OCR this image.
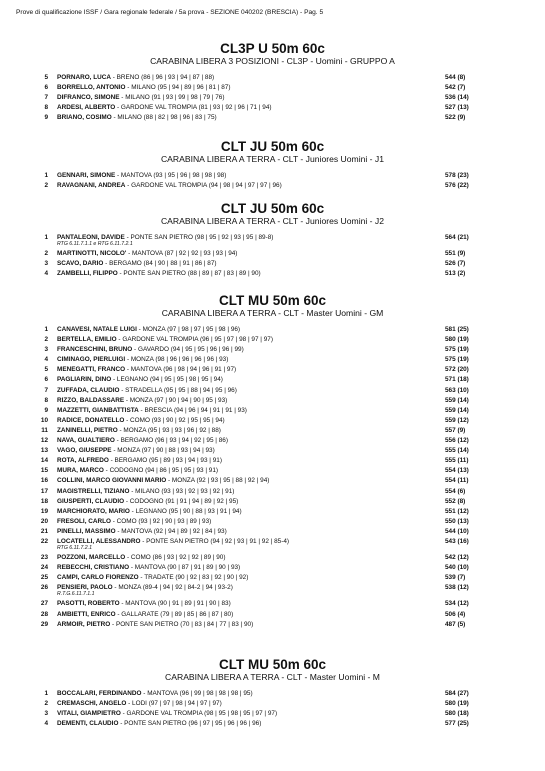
Prove di qualificazione ISSF / Gara regionale federale / 5a prova - SEZIONE 040202 (BRESCIA) - Pag. 5
CL3P U 50m 60c
CARABINA LIBERA 3 POSIZIONI - CL3P - Uomini - GRUPPO A
5 PORNARO, LUCA - BRENO (86 | 96 | 93 | 94 | 87 | 88)	544 (8)
6 BORRELLO, ANTONIO - MILANO (95 | 94 | 89 | 96 | 81 | 87)	542 (7)
7 DIFRANCO, SIMONE - MILANO (91 | 93 | 99 | 98 | 79 | 76)	536 (14)
8 ARDESI, ALBERTO - GARDONE VAL TROMPIA (81 | 93 | 92 | 96 | 71 | 94)	527 (13)
9 BRIANO, COSIMO - MILANO (88 | 82 | 98 | 96 | 83 | 75)	522 (9)
CLT JU 50m 60c
CARABINA LIBERA A TERRA - CLT - Juniores Uomini - J1
1 GENNARI, SIMONE - MANTOVA (93 | 95 | 96 | 98 | 98 | 98)	578 (23)
2 RAVAGNANI, ANDREA - GARDONE VAL TROMPIA (94 | 98 | 94 | 97 | 97 | 96)	576 (22)
CLT JU 50m 60c
CARABINA LIBERA A TERRA - CLT - Juniores Uomini - J2
1 PANTALEONI, DAVIDE - PONTE SAN PIETRO (98 | 95 | 92 | 93 | 95 | 89-8)	564 (21)
RTG 6.11.7.1.1 e RTG 6.11.7.2.1
2 MARTINOTTI, NICOLO' - MANTOVA (87 | 92 | 92 | 93 | 93 | 94)	551 (9)
3 SCAVO, DARIO - BERGAMO (84 | 90 | 88 | 91 | 86 | 87)	526 (7)
4 ZAMBELLI, FILIPPO - PONTE SAN PIETRO (88 | 89 | 87 | 83 | 89 | 90)	513 (2)
CLT MU 50m 60c
CARABINA LIBERA A TERRA - CLT - Master Uomini - GM
1 CANAVESI, NATALE LUIGI - MONZA (97 | 98 | 97 | 95 | 98 | 96)	581 (25)
2 BERTELLA, EMILIO - GARDONE VAL TROMPIA (96 | 95 | 97 | 98 | 97 | 97)	580 (19)
3 FRANCESCHINI, BRUNO - GAVARDO (94 | 95 | 95 | 96 | 96 | 99)	575 (19)
4 CIMINAGO, PIERLUIGI - MONZA (98 | 96 | 96 | 96 | 96 | 93)	575 (19)
5 MENEGATTI, FRANCO - MANTOVA (96 | 98 | 94 | 96 | 91 | 97)	572 (20)
6 PAGLIARIN, DINO - LEGNANO (94 | 95 | 95 | 98 | 95 | 94)	571 (18)
7 ZUFFADA, CLAUDIO - STRADELLA (95 | 95 | 88 | 94 | 95 | 96)	563 (10)
8 RIZZO, BALDASSARE - MONZA (97 | 90 | 94 | 90 | 95 | 93)	559 (14)
9 MAZZETTI, GIANBATTISTA - BRESCIA (94 | 96 | 94 | 91 | 91 | 93)	559 (14)
10 RADICE, DONATELLO - COMO (93 | 90 | 92 | 95 | 95 | 94)	559 (12)
11 ZANINELLI, PIETRO - MONZA (95 | 93 | 93 | 96 | 92 | 88)	557 (9)
12 NAVA, GUALTIERO - BERGAMO (96 | 93 | 94 | 92 | 95 | 86)	556 (12)
13 VAGO, GIUSEPPE - MONZA (97 | 90 | 88 | 93 | 94 | 93)	555 (14)
14 ROTA, ALFREDO - BERGAMO (95 | 89 | 93 | 94 | 93 | 91)	555 (11)
15 MURA, MARCO - CODOGNO (94 | 86 | 95 | 95 | 93 | 91)	554 (13)
16 COLLINI, MARCO GIOVANNI MARIO - MONZA (92 | 93 | 95 | 88 | 92 | 94)	554 (11)
17 MAGISTRELLI, TIZIANO - MILANO (93 | 93 | 92 | 93 | 92 | 91)	554 (6)
18 GIUSPERTI, CLAUDIO - CODOGNO (91 | 91 | 94 | 89 | 92 | 95)	552 (8)
19 MARCHIORATO, MARIO - LEGNANO (95 | 90 | 88 | 93 | 91 | 94)	551 (12)
20 FRESOLI, CARLO - COMO (93 | 92 | 90 | 93 | 89 | 93)	550 (13)
21 PINELLI, MASSIMO - MANTOVA (92 | 94 | 89 | 92 | 84 | 93)	544 (10)
22 LOCATELLI, ALESSANDRO - PONTE SAN PIETRO (94 | 92 | 93 | 91 | 92 | 85-4)	543 (16)
RTG 6.11.7.2.1
23 POZZONI, MARCELLO - COMO (86 | 93 | 92 | 92 | 89 | 90)	542 (12)
24 REBECCHI, CRISTIANO - MANTOVA (90 | 87 | 91 | 89 | 90 | 93)	540 (10)
25 CAMPI, CARLO FIORENZO - TRADATE (90 | 92 | 83 | 92 | 90 | 92)	539 (7)
26 PENSIERI, PAOLO - MONZA (89-4 | 94 | 92 | 84-2 | 94 | 93-2)	538 (12)
R.T.G.6.11.7.1.1
27 PASOTTI, ROBERTO - MANTOVA (90 | 91 | 89 | 91 | 90 | 83)	534 (12)
28 AMBIETTI, ENRICO - GALLARATE (79 | 89 | 85 | 86 | 87 | 80)	506 (4)
29 ARMOIR, PIETRO - PONTE SAN PIETRO (70 | 83 | 84 | 77 | 83 | 90)	487 (5)
CLT MU 50m 60c
CARABINA LIBERA A TERRA - CLT - Master Uomini - M
1 BOCCALARI, FERDINANDO - MANTOVA (96 | 99 | 98 | 98 | 98 | 95)	584 (27)
2 CREMASCHI, ANGELO - LODI (97 | 97 | 98 | 94 | 97 | 97)	580 (19)
3 VITALI, GIAMPIETRO - GARDONE VAL TROMPIA (98 | 95 | 98 | 95 | 97 | 97)	580 (18)
4 DEMENTI, CLAUDIO - PONTE SAN PIETRO (96 | 97 | 95 | 96 | 96 | 96)	577 (25)
